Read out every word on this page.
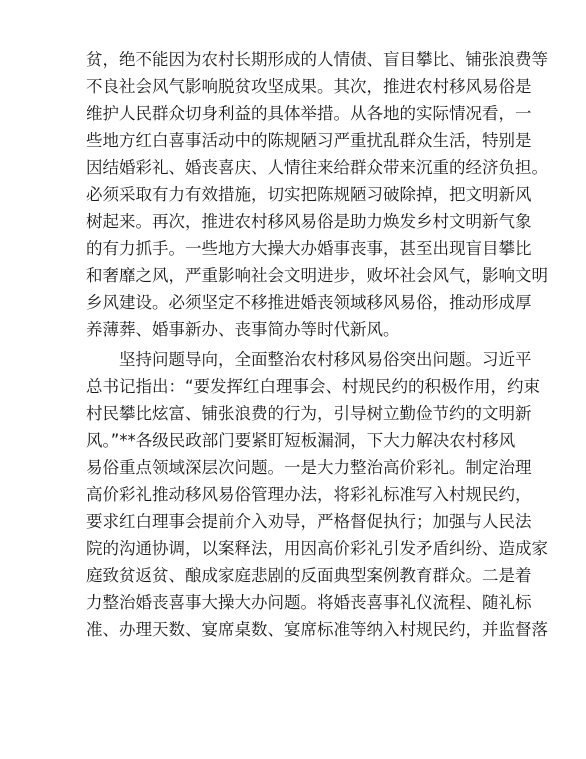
贫，绝不能因为农村长期形成的人情债、盲目攀比、铺张浪费等
不良社会风气影响脱贫攻坚成果。其次，推进农村移风易俗是
维护人民群众切身利益的具体举措。从各地的实际情况看，一
些地方红白喜事活动中的陈规陋习严重扰乱群众生活，特别是
因结婚彩礼、婚丧喜庆、人情往来给群众带来沉重的经济负担。
必须采取有力有效措施，切实把陈规陋习破除掉，把文明新风
树起来。再次，推进农村移风易俗是助力焕发乡村文明新气象
的有力抓手。一些地方大操大办婚事丧事，甚至出现盲目攀比
和奢靡之风，严重影响社会文明进步，败坏社会风气，影响文明
乡风建设。必须坚定不移推进婚丧领域移风易俗，推动形成厚
养薄葬、婚事新办、丧事简办等时代新风。
坚持问题导向，全面整治农村移风易俗突出问题。习近平
总书记指出：“要发挥红白理事会、村规民约的积极作用，约束
村民攀比炫富、铺张浪费的行为，引导树立勤俭节约的文明新
风。”**各级民政部门要紧盯短板漏洞，下大力解决农村移风
易俗重点领域深层次问题。一是大力整治高价彩礼。制定治理
高价彩礼推动移风易俗管理办法，将彩礼标准写入村规民约，
要求红白理事会提前介入劝导，严格督促执行；加强与人民法
院的沟通协调，以案释法，用因高价彩礼引发矛盾纠纷、造成家
庭致贫返贫、酿成家庭悲剧的反面典型案例教育群众。二是着
力整治婚丧喜事大操大办问题。将婚丧喜事礼仪流程、随礼标
准、办理天数、宴席桌数、宴席标准等纳入村规民约，并监督落
